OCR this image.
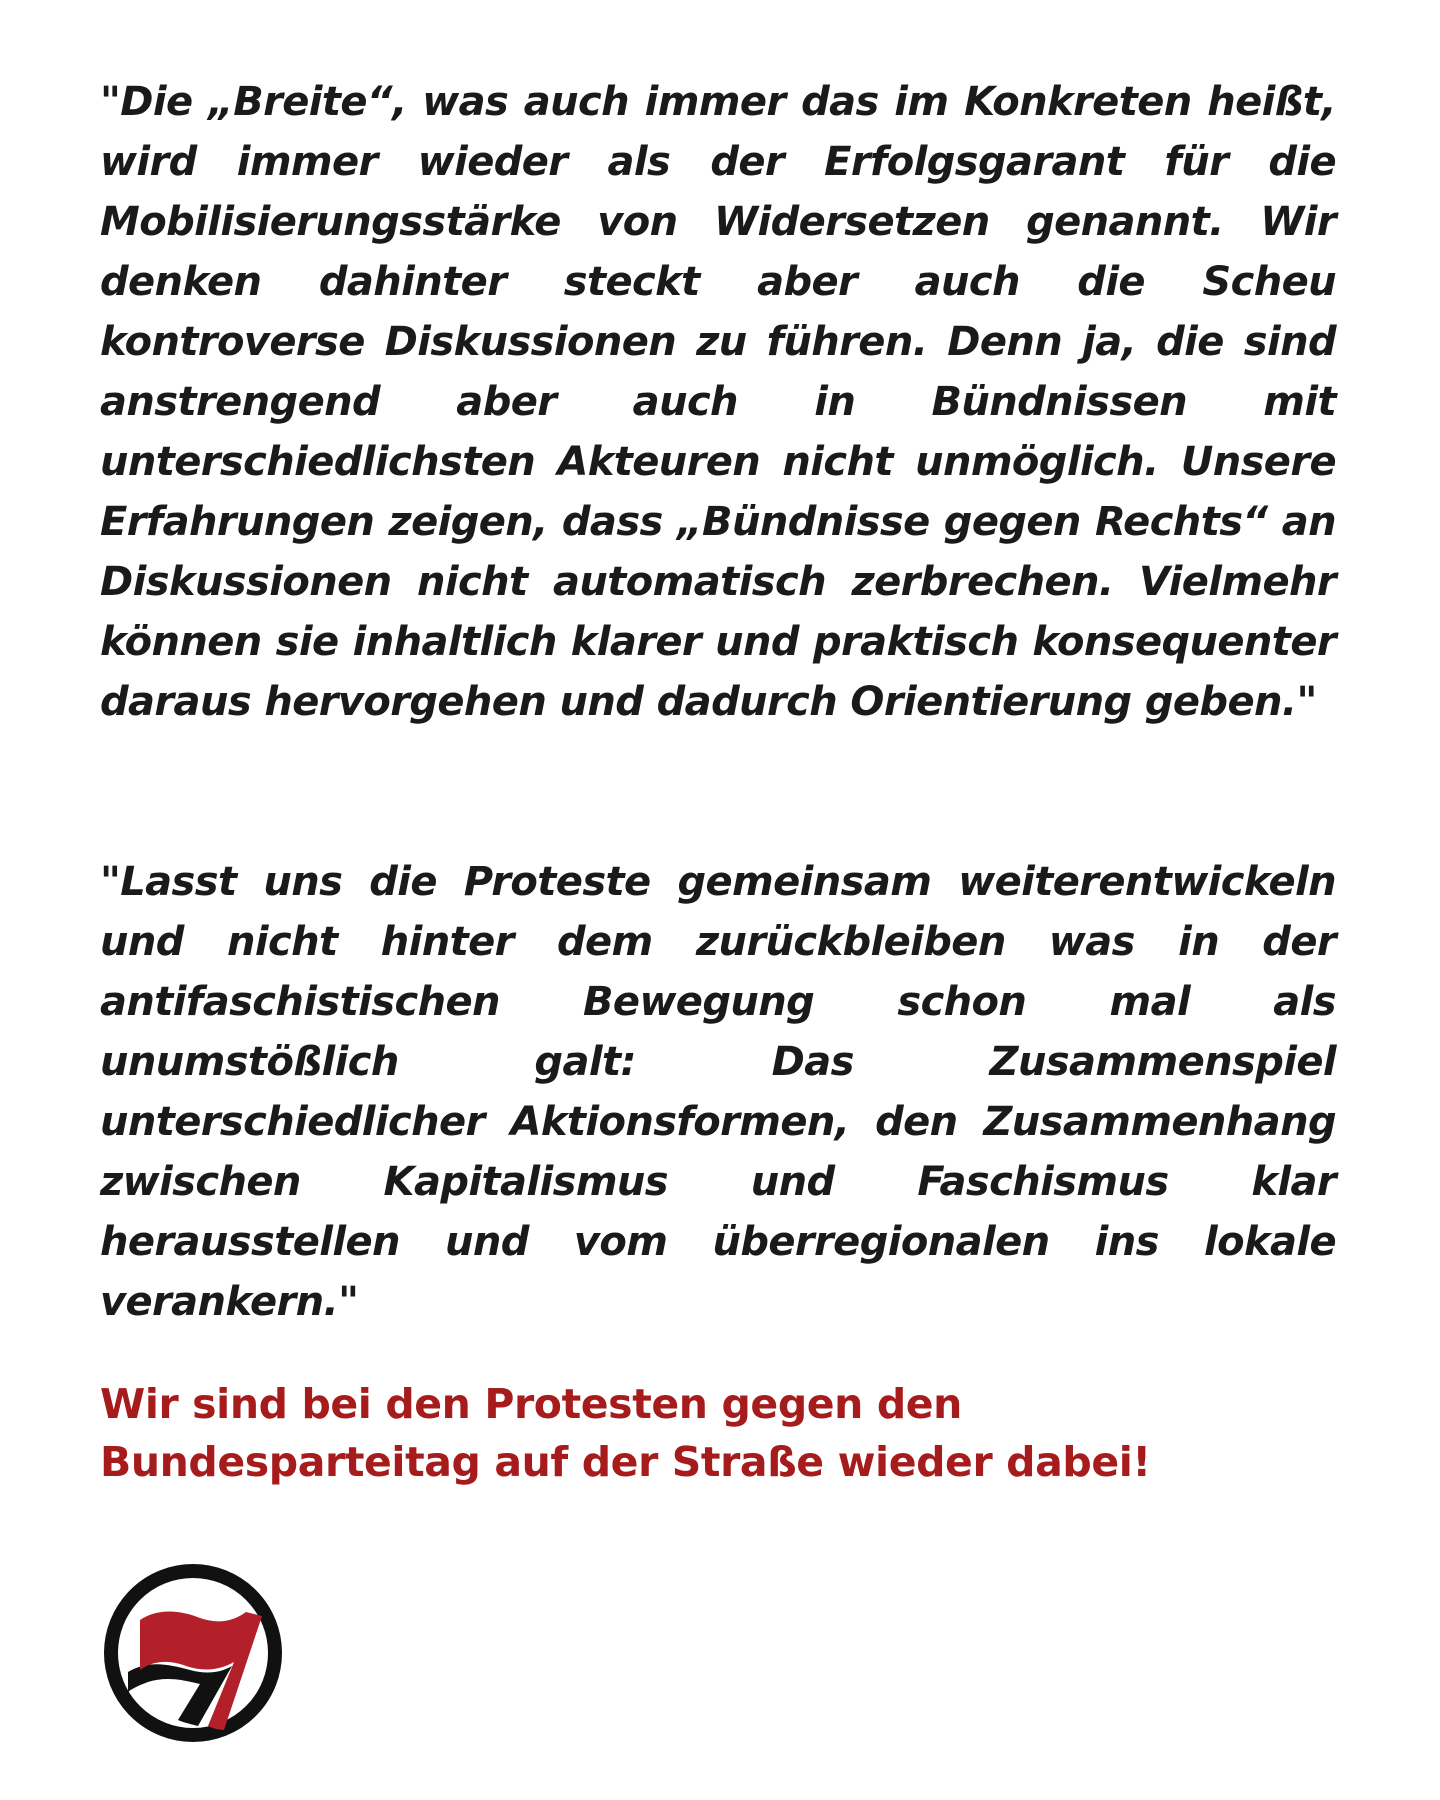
"Die „Breite“, was auch immer das im Konkreten heißt, wird immer wieder als der Erfolgsgarant für die Mobilisierungsstärke von Widersetzen genannt. Wir denken dahinter steckt aber auch die Scheu kontroverse Diskussionen zu führen. Denn ja, die sind anstrengend aber auch in Bündnissen mit unterschiedlichsten Akteuren nicht unmöglich. Unsere Erfahrungen zeigen, dass „Bündnisse gegen Rechts“ an Diskussionen nicht automatisch zerbrechen. Vielmehr können sie inhaltlich klarer und praktisch konsequenter daraus hervorgehen und dadurch Orientierung geben."

"Lasst uns die Proteste gemeinsam weiterentwickeln und nicht hinter dem zurückbleiben was in der antifaschistischen Bewegung schon mal als unumstößlich galt: Das Zusammenspiel unterschiedlicher Aktionsformen, den Zusammenhang zwischen Kapitalismus und Faschismus klar herausstellen und vom überregionalen ins lokale verankern."

Wir sind bei den Protesten gegen den
Bundesparteitag auf der Straße wieder dabei!
